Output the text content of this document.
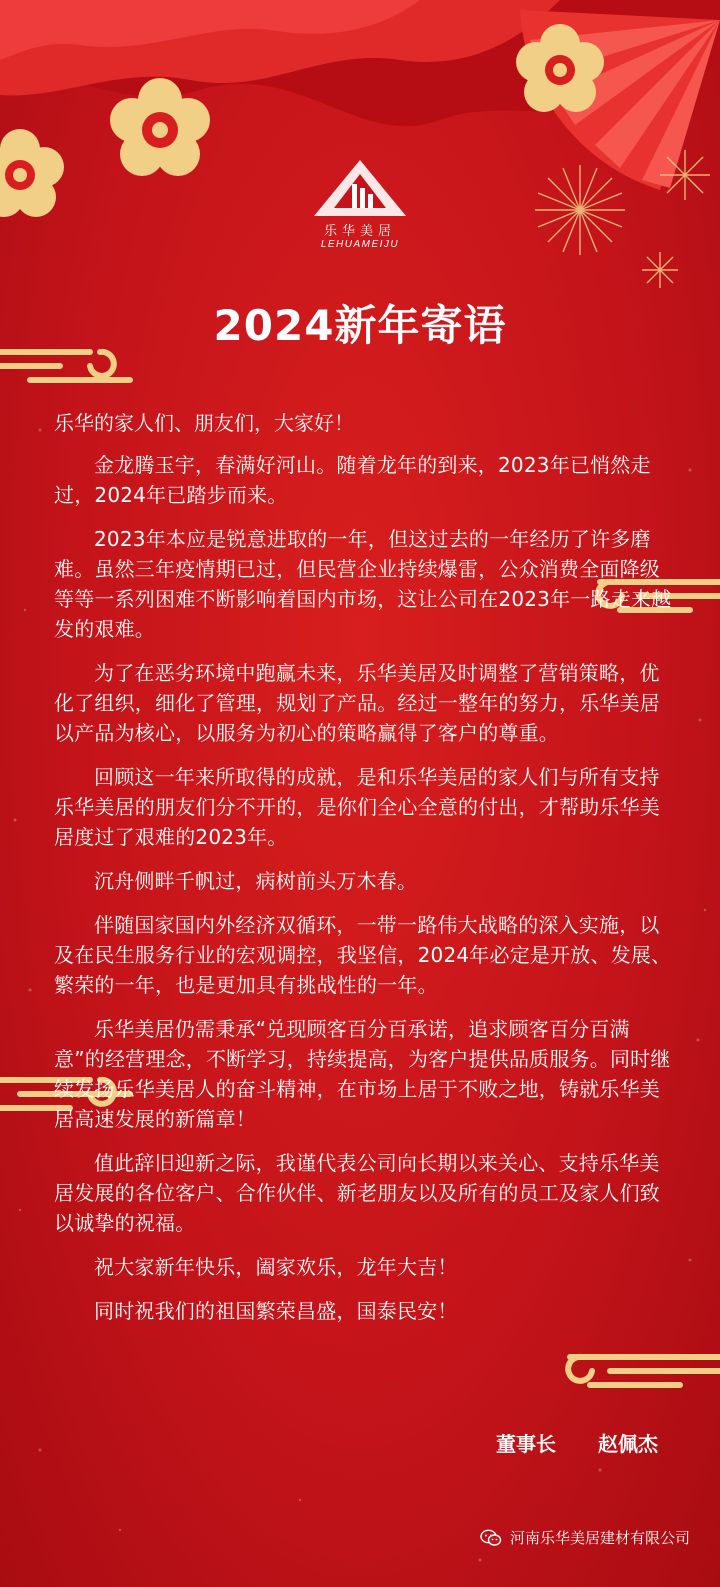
乐华美居
LEHUAMEIJU
2024新年寄语

乐华的家人们、朋友们，大家好！

金龙腾玉宇，春满好河山。随着龙年的到来，2023年已悄然走过，2024年已踏步而来。

2023年本应是锐意进取的一年，但这过去的一年经历了许多磨难。虽然三年疫情期已过，但民营企业持续爆雷，公众消费全面降级等等一系列困难不断影响着国内市场，这让公司在2023年一路走来越发的艰难。

为了在恶劣环境中跑赢未来，乐华美居及时调整了营销策略，优化了组织，细化了管理，规划了产品。经过一整年的努力，乐华美居以产品为核心，以服务为初心的策略赢得了客户的尊重。

回顾这一年来所取得的成就，是和乐华美居的家人们与所有支持乐华美居的朋友们分不开的，是你们全心全意的付出，才帮助乐华美居度过了艰难的2023年。

沉舟侧畔千帆过，病树前头万木春。

伴随国家国内外经济双循环，一带一路伟大战略的深入实施，以及在民生服务行业的宏观调控，我坚信，2024年必定是开放、发展、繁荣的一年，也是更加具有挑战性的一年。

乐华美居仍需秉承“兑现顾客百分百承诺，追求顾客百分百满意”的经营理念，不断学习，持续提高，为客户提供品质服务。同时继续发扬乐华美居人的奋斗精神，在市场上居于不败之地，铸就乐华美居高速发展的新篇章！

值此辞旧迎新之际，我谨代表公司向长期以来关心、支持乐华美居发展的各位客户、合作伙伴、新老朋友以及所有的员工及家人们致以诚挚的祝福。

祝大家新年快乐，阖家欢乐，龙年大吉！

同时祝我们的祖国繁荣昌盛，国泰民安！

董事长 赵佩杰
河南乐华美居建材有限公司
